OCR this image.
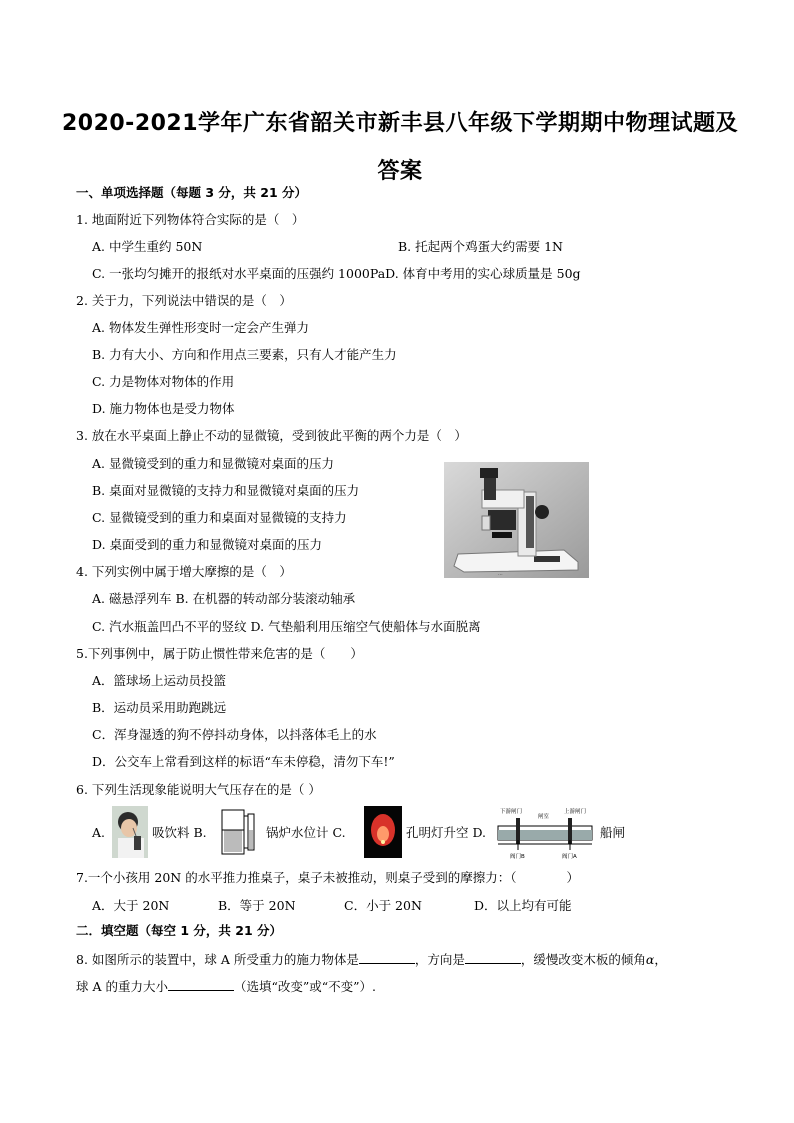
2020-2021学年广东省韶关市新丰县八年级下学期期中物理试题及答案
一、单项选择题（每题 3 分，共 21 分）
1. 地面附近下列物体符合实际的是（　）
A. 中学生重约 50N	B. 托起两个鸡蛋大约需要 1N
C. 一张均匀摊开的报纸对水平桌面的压强约 1000PaD. 体育中考用的实心球质量是 50g
2. 关于力，下列说法中错误的是（　）
A. 物体发生弹性形变时一定会产生弹力
B. 力有大小、方向和作用点三要素，只有人才能产生力
C. 力是物体对物体的作用
D. 施力物体也是受力物体
3. 放在水平桌面上静止不动的显微镜，受到彼此平衡的两个力是（　）
A. 显微镜受到的重力和显微镜对桌面的压力
B. 桌面对显微镜的支持力和显微镜对桌面的压力
C. 显微镜受到的重力和桌面对显微镜的支持力
D. 桌面受到的重力和显微镜对桌面的压力
⋯
4. 下列实例中属于增大摩擦的是（　）
A. 磁悬浮列车 B. 在机器的转动部分装滚动轴承
C. 汽水瓶盖凹凸不平的竖纹 D. 气垫船利用压缩空气使船体与水面脱离
5.下列事例中，属于防止惯性带来危害的是（　　）
A．篮球场上运动员投篮
B．运动员采用助跑跳远
C．浑身湿透的狗不停抖动身体，以抖落体毛上的水
D．公交车上常看到这样的标语“车未停稳，清勿下车!”
6. 下列生活现象能说明大气压存在的是（ ）
A.	吸饮料 B.	锅炉水位计 C.	孔明灯升空 D.
下游闸门
闸室
上游闸门
阀门B	阀门A
船闸
7.一个小孩用 20N 的水平推力推桌子，桌子未被推动，则桌子受到的摩擦力：（　　　　）
A．大于 20N	B．等于 20N	C．小于 20N	D．以上均有可能
二．填空题（每空 1 分，共 21 分）
8. 如图所示的装置中，球 A 所受重力的施力物体是	，方向是	，缓慢改变木板的倾角α，
球 A 的重力大小	（选填“改变”或“不变”）.
